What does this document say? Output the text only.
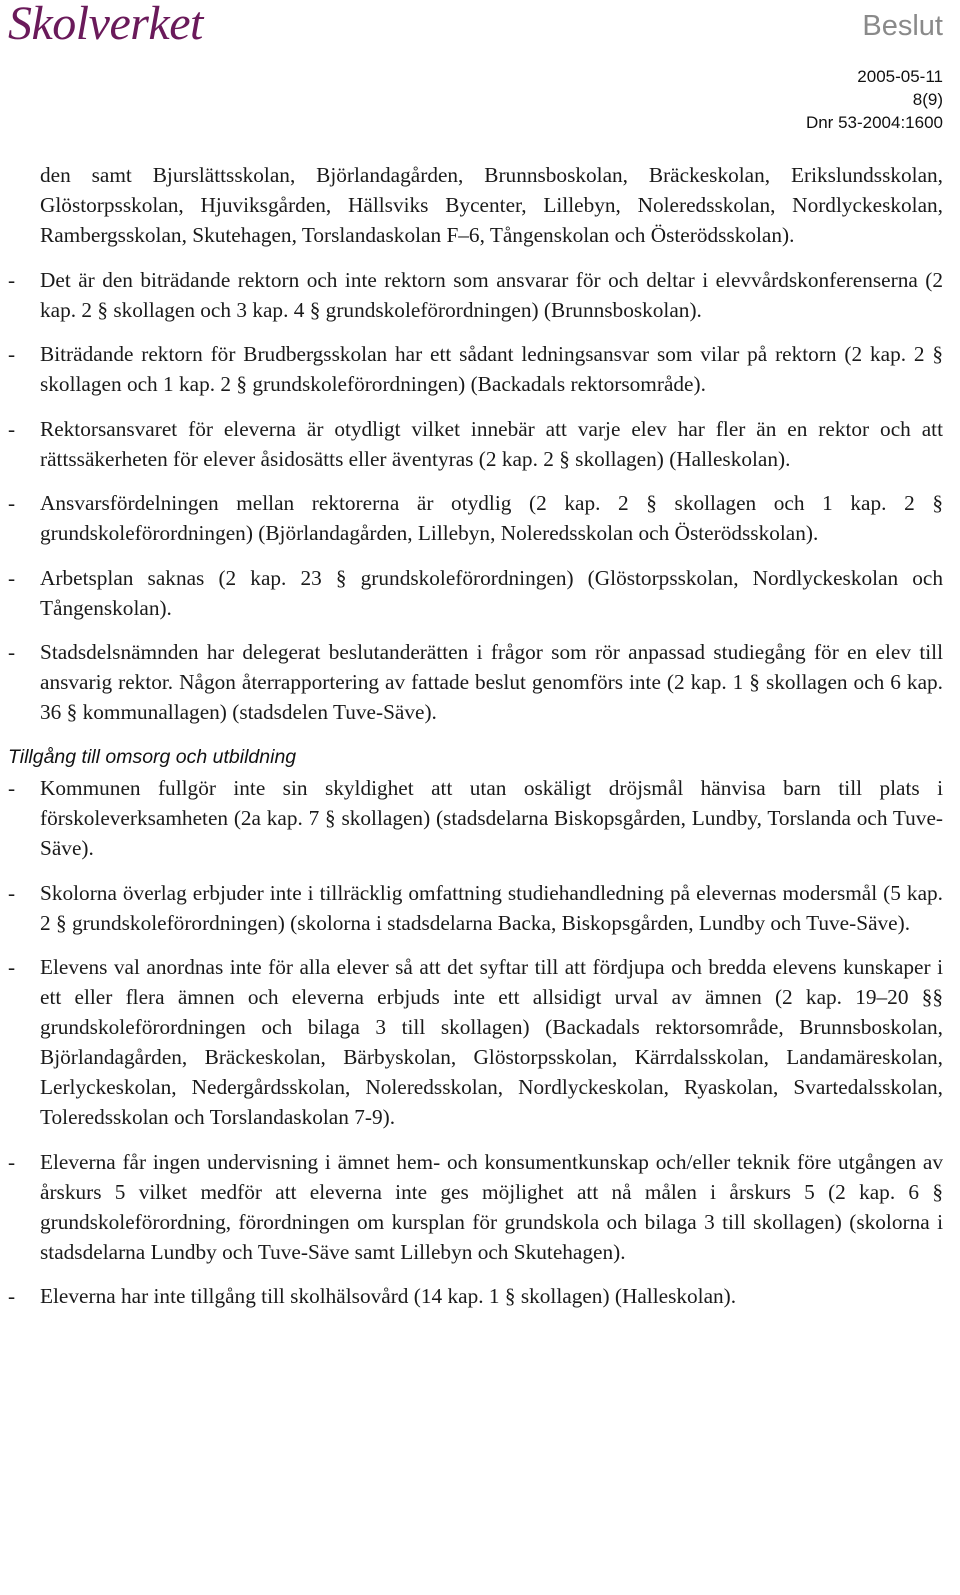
Skolverket	Beslut
2005-05-11
8(9)
Dnr 53-2004:1600

den samt Bjurslättsskolan, Björlandagården, Brunnsboskolan, Bräckeskolan, Erikslundsskolan, Glöstorpsskolan, Hjuviksgården, Hällsviks Bycenter, Lillebyn, Noleredsskolan, Nordlyckeskolan, Rambergsskolan, Skutehagen, Torslandaskolan F–6, Tångenskolan och Österödsskolan).

- Det är den biträdande rektorn och inte rektorn som ansvarar för och deltar i elevvårdskonferenserna (2 kap. 2 § skollagen och 3 kap. 4 § grundskoleförordningen) (Brunnsboskolan).
- Biträdande rektorn för Brudbergsskolan har ett sådant ledningsansvar som vilar på rektorn (2 kap. 2 § skollagen och 1 kap. 2 § grundskoleförordningen) (Backadals rektorsområde).
- Rektorsansvaret för eleverna är otydligt vilket innebär att varje elev har fler än en rektor och att rättssäkerheten för elever åsidosätts eller äventyras (2 kap. 2 § skollagen) (Halleskolan).
- Ansvarsfördelningen mellan rektorerna är otydlig (2 kap. 2 § skollagen och 1 kap. 2 § grundskoleförordningen) (Björlandagården, Lillebyn, Noleredsskolan och Österödsskolan).
- Arbetsplan saknas (2 kap. 23 § grundskoleförordningen) (Glöstorpsskolan, Nordlyckeskolan och Tångenskolan).
- Stadsdelsnämnden har delegerat beslutanderätten i frågor som rör anpassad studiegång för en elev till ansvarig rektor. Någon återrapportering av fattade beslut genomförs inte (2 kap. 1 § skollagen och 6 kap. 36 § kommunallagen) (stadsdelen Tuve-Säve).
Tillgång till omsorg och utbildning
- Kommunen fullgör inte sin skyldighet att utan oskäligt dröjsmål hänvisa barn till plats i förskoleverksamheten (2a kap. 7 § skollagen) (stadsdelarna Biskopsgården, Lundby, Torslanda och Tuve-Säve).
- Skolorna överlag erbjuder inte i tillräcklig omfattning studiehandledning på elevernas modersmål (5 kap. 2 § grundskoleförordningen) (skolorna i stadsdelarna Backa, Biskopsgården, Lundby och Tuve-Säve).
- Elevens val anordnas inte för alla elever så att det syftar till att fördjupa och bredda elevens kunskaper i ett eller flera ämnen och eleverna erbjuds inte ett allsidigt urval av ämnen (2 kap. 19–20 §§ grundskoleförordningen och bilaga 3 till skollagen) (Backadals rektorsområde, Brunnsboskolan, Björlandagården, Bräckeskolan, Bärbyskolan, Glöstorpsskolan, Kärrdalsskolan, Landamäreskolan, Lerlyckeskolan, Nedergårdsskolan, Noleredsskolan, Nordlyckeskolan, Ryaskolan, Svartedalsskolan, Toleredsskolan och Torslandaskolan 7-9).
- Eleverna får ingen undervisning i ämnet hem- och konsumentkunskap och/eller teknik före utgången av årskurs 5 vilket medför att eleverna inte ges möjlighet att nå målen i årskurs 5 (2 kap. 6 § grundskoleförordning, förordningen om kursplan för grundskola och bilaga 3 till skollagen) (skolorna i stadsdelarna Lundby och Tuve-Säve samt Lillebyn och Skutehagen).
- Eleverna har inte tillgång till skolhälsovård (14 kap. 1 § skollagen) (Halleskolan).
